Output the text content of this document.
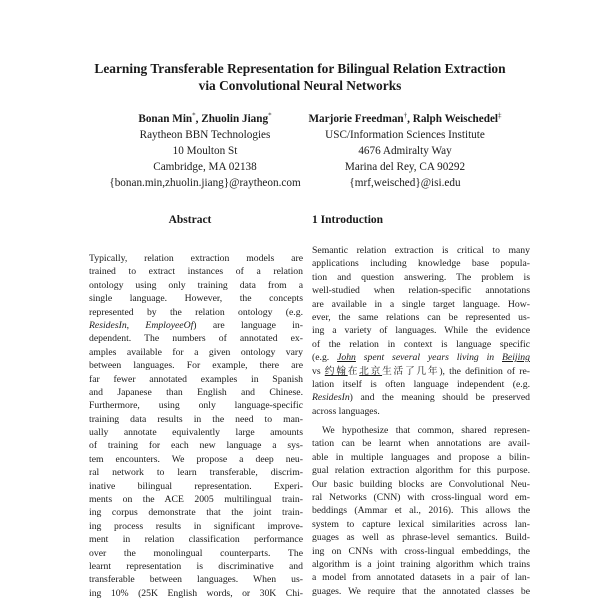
Learning Transferable Representation for Bilingual Relation Extraction
via Convolutional Neural Networks
Bonan Min*, Zhuolin Jiang*
Raytheon BBN Technologies
10 Moulton St
Cambridge, MA 02138
{bonan.min,zhuolin.jiang}@raytheon.com
Marjorie Freedman†, Ralph Weischedel‡
USC/Information Sciences Institute
4676 Admiralty Way
Marina del Rey, CA 90292
{mrf,weisched}@isi.edu
Abstract	1 Introduction
Typically, relation extraction models are
trained to extract instances of a relation
ontology using only training data from a
single language. However, the concepts
represented by the relation ontology (e.g.
ResidesIn, EmployeeOf) are language in-
dependent. The numbers of annotated ex-
amples available for a given ontology vary
between languages. For example, there are
far fewer annotated examples in Spanish
and Japanese than English and Chinese.
Furthermore, using only language-specific
training data results in the need to man-
ually annotate equivalently large amounts
of training for each new language a sys-
tem encounters. We propose a deep neu-
ral network to learn transferable, discrim-
inative bilingual representation. Experi-
ments on the ACE 2005 multilingual train-
ing corpus demonstrate that the joint train-
ing process results in significant improve-
ment in relation classification performance
over the monolingual counterparts. The
learnt representation is discriminative and
transferable between languages. When us-
ing 10% (25K English words, or 30K Chi-
Semantic relation extraction is critical to many
applications including knowledge base popula-
tion and question answering. The problem is
well-studied when relation-specific annotations
are available in a single target language. How-
ever, the same relations can be represented us-
ing a variety of languages. While the evidence
of the relation in context is language specific
(e.g. John spent several years living in Beijing
vs 约翰在北京生活了几年), the definition of re-
lation itself is often language independent (e.g.
ResidesIn) and the meaning should be preserved
across languages.
We hypothesize that common, shared represen-
tation can be learnt when annotations are avail-
able in multiple languages and propose a bilin-
gual relation extraction algorithm for this purpose.
Our basic building blocks are Convolutional Neu-
ral Networks (CNN) with cross-lingual word em-
beddings (Ammar et al., 2016). This allows the
system to capture lexical similarities across lan-
guages as well as phrase-level semantics. Build-
ing on CNNs with cross-lingual embeddings, the
algorithm is a joint training algorithm which trains
a model from annotated datasets in a pair of lan-
guages. We require that the annotated classes be
